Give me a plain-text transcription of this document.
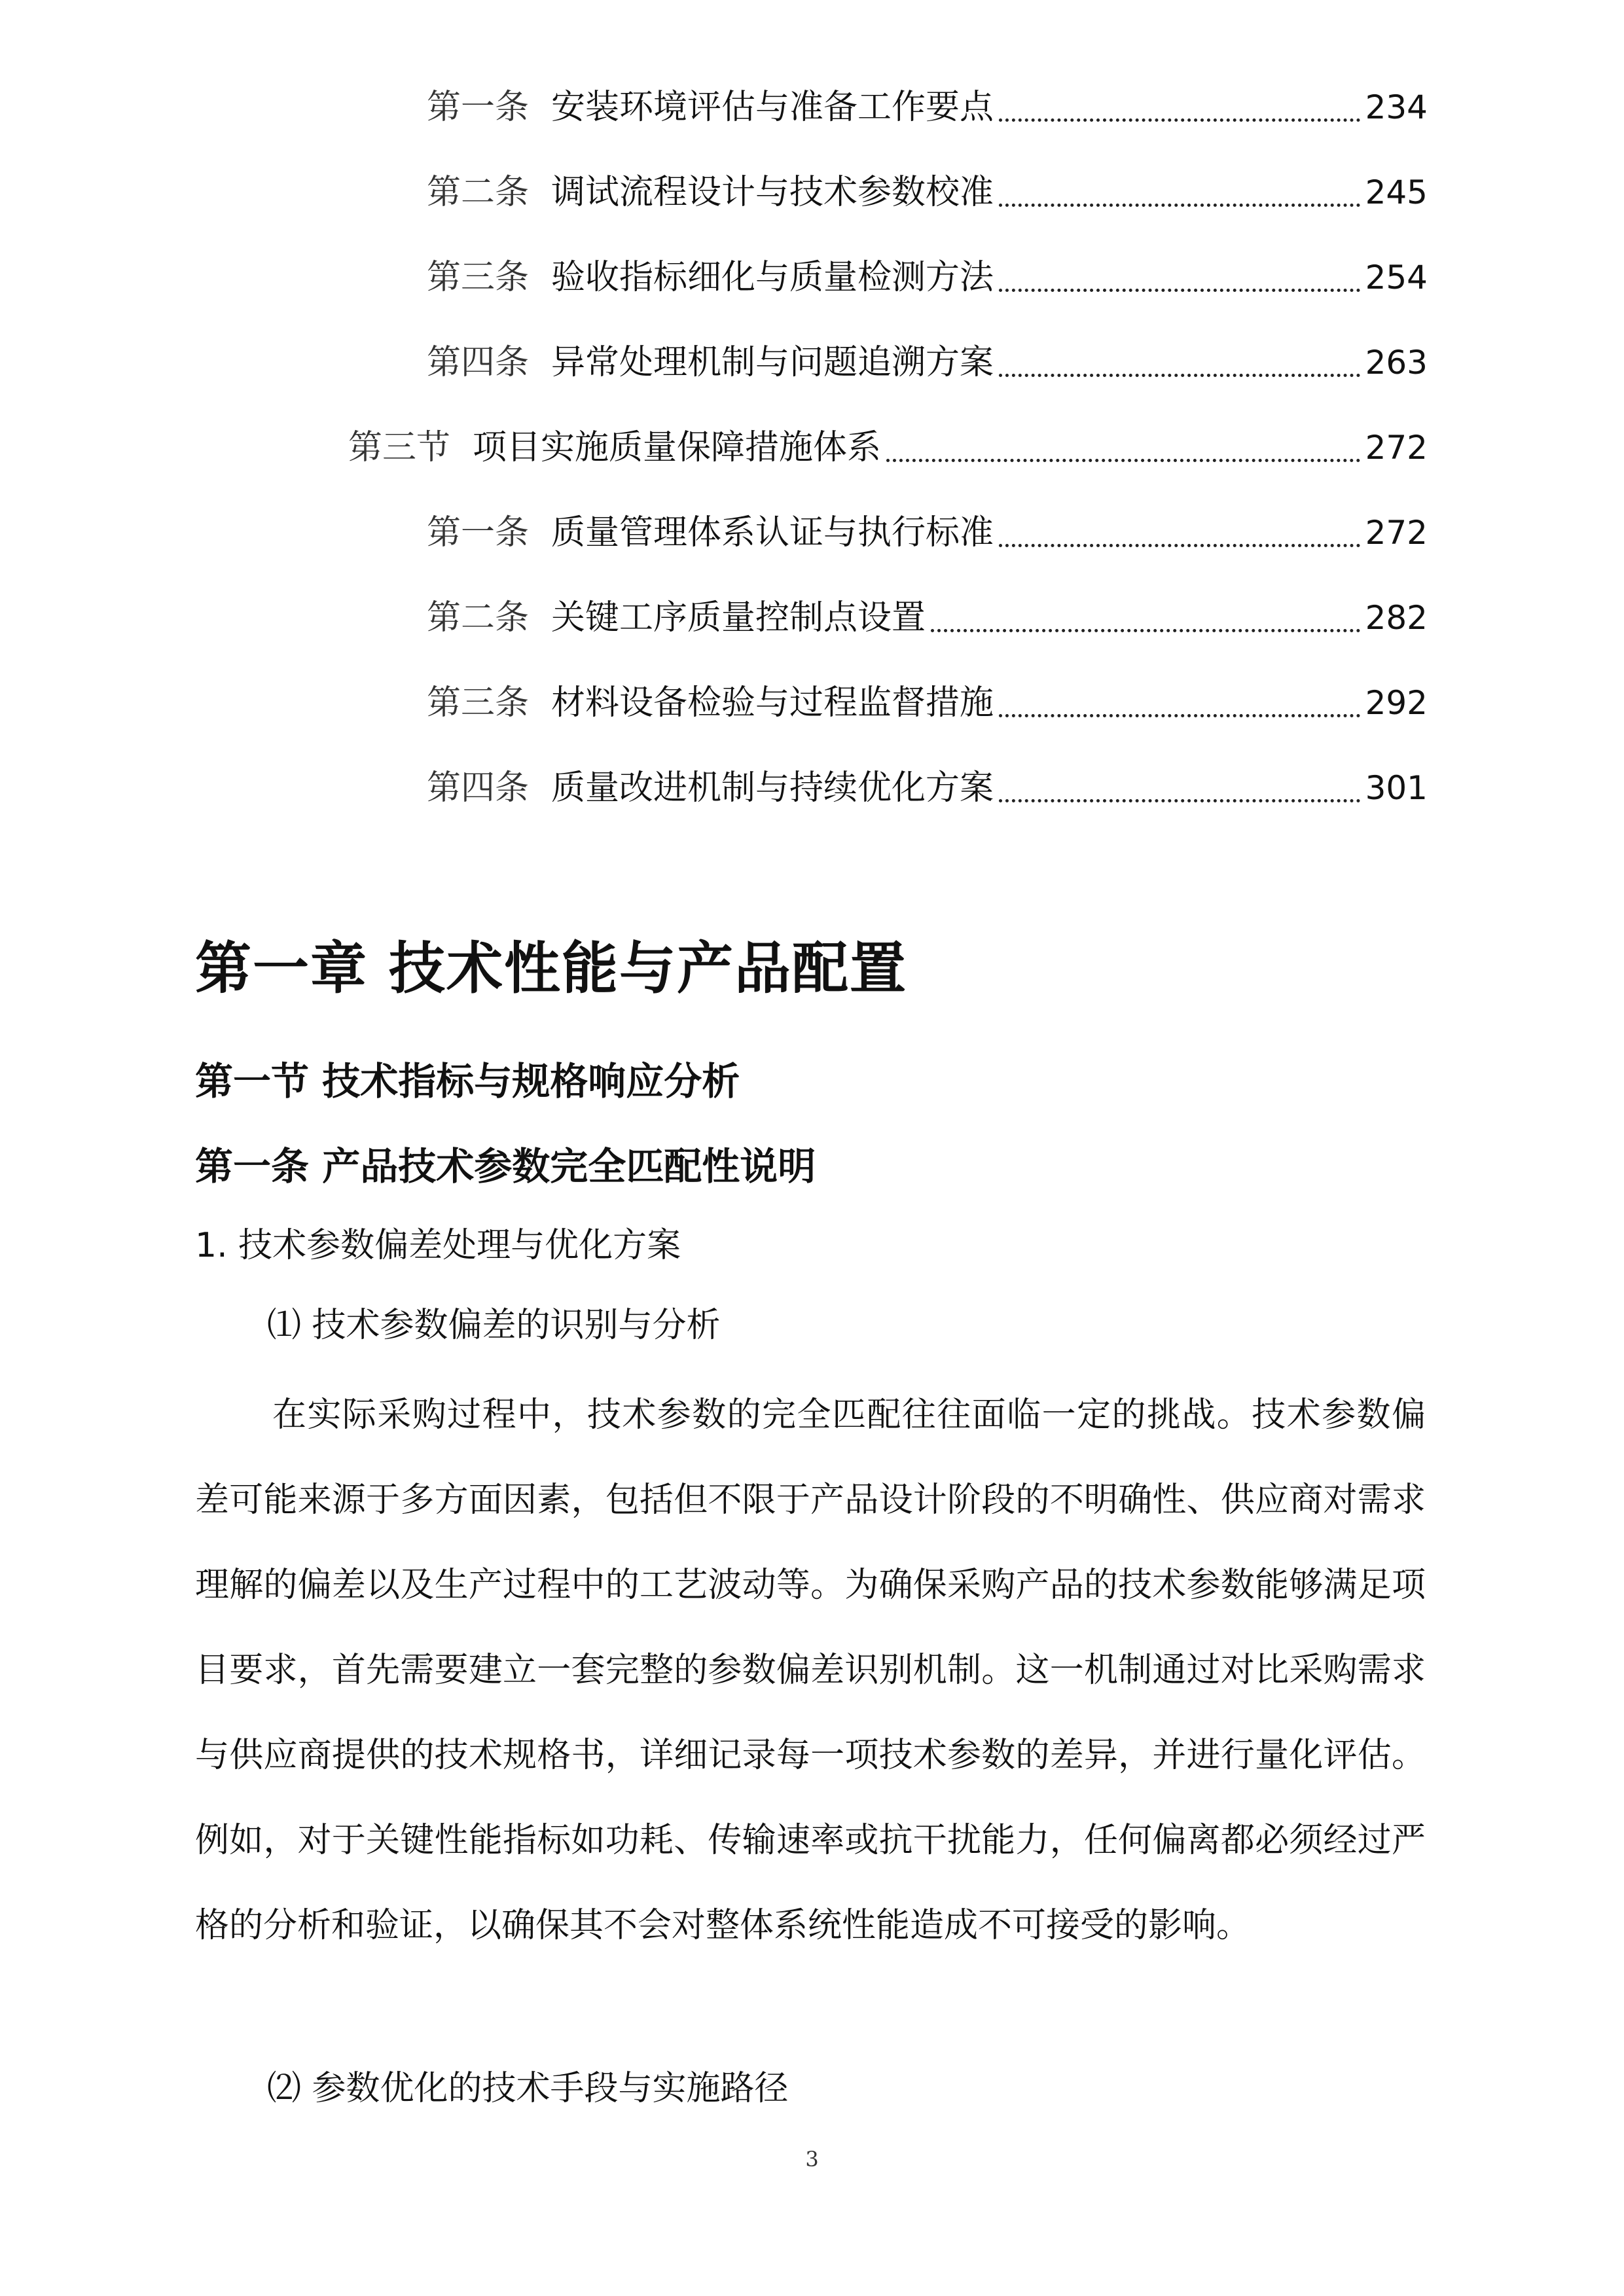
第一条 安装环境评估与准备工作要点	234
第二条 调试流程设计与技术参数校准	245
第三条 验收指标细化与质量检测方法	254
第四条 异常处理机制与问题追溯方案	263
第三节 项目实施质量保障措施体系	272
第一条 质量管理体系认证与执行标准	272
第二条 关键工序质量控制点设置	282
第三条 材料设备检验与过程监督措施	292
第四条 质量改进机制与持续优化方案	301
第一章 技术性能与产品配置
第一节 技术指标与规格响应分析
第一条 产品技术参数完全匹配性说明
1. 技术参数偏差处理与优化方案
⑴ 技术参数偏差的识别与分析

在实际采购过程中，技术参数的完全匹配往往面临一定的挑战。技术参数偏差可能来源于多方面因素，包括但不限于产品设计阶段的不明确性、供应商对需求理解的偏差以及生产过程中的工艺波动等。为确保采购产品的技术参数能够满足项目要求，首先需要建立一套完整的参数偏差识别机制。这一机制通过对比采购需求与供应商提供的技术规格书，详细记录每一项技术参数的差异，并进行量化评估。例如，对于关键性能指标如功耗、传输速率或抗干扰能力，任何偏离都必须经过严格的分析和验证，以确保其不会对整体系统性能造成不可接受的影响。

⑵ 参数优化的技术手段与实施路径
3
